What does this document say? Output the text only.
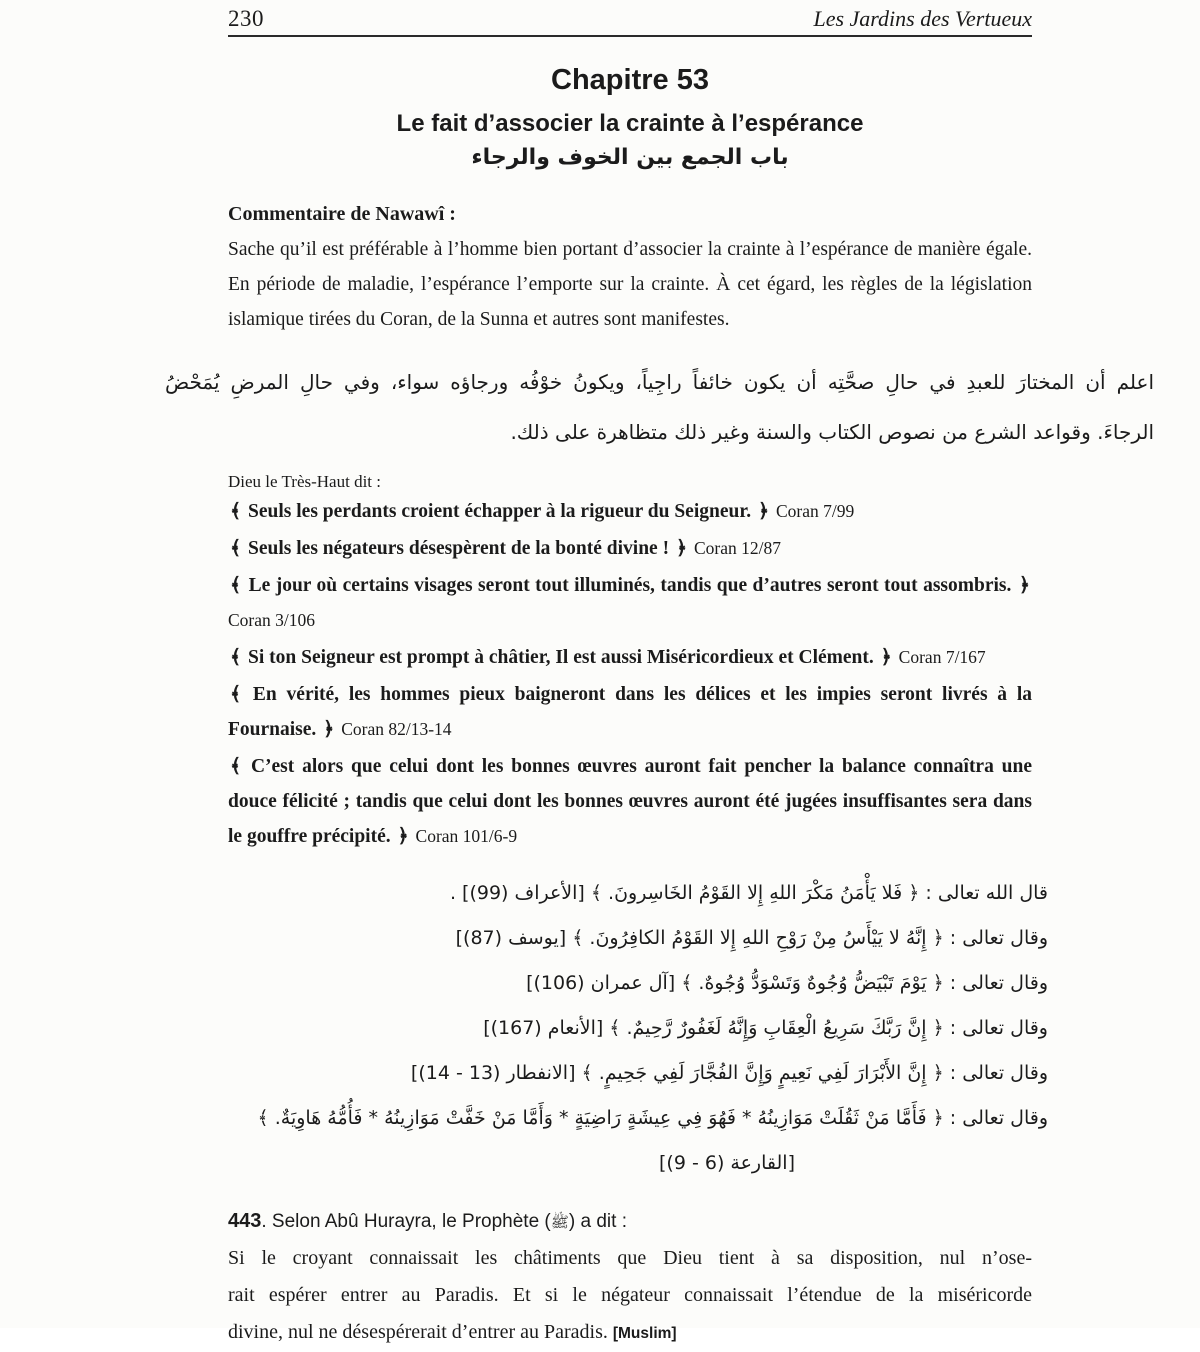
230	Les Jardins des Vertueux
Chapitre 53
Le fait d’associer la crainte à l’espérance
باب الجمع بين الخوف والرجاء
Commentaire de Nawawî :

Sache qu’il est préférable à l’homme bien portant d’associer la crainte à l’espérance de manière égale. En période de maladie, l’espérance l’emporte sur la crainte. À cet égard, les règles de la législation islamique tirées du Coran, de la Sunna et autres sont manifestes.

اعلم أن المختارَ للعبدِ في حالِ صحَّتِه أن يكون خائفاً راجِياً، ويكونُ خوْفُه ورجاؤه سواء، وفي حالِ المرضِ يُمَحْضُ
الرجاءَ. وقواعد الشرع من نصوص الكتاب والسنة وغير ذلك متظاهرة على ذلك.
Dieu le Très-Haut dit :

﴾ Seuls les perdants croient échapper à la rigueur du Seigneur. ﴿ Coran 7/99

﴾ Seuls les négateurs désespèrent de la bonté divine ! ﴿ Coran 12/87

﴾ Le jour où certains visages seront tout illuminés, tandis que d’autres seront tout assombris. ﴿ Coran 3/106

﴾ Si ton Seigneur est prompt à châtier, Il est aussi Miséricordieux et Clément. ﴿ Coran 7/167

﴾ En vérité, les hommes pieux baigneront dans les délices et les impies seront livrés à la Fournaise. ﴿ Coran 82/13-14

﴾ C’est alors que celui dont les bonnes œuvres auront fait pencher la balance connaîtra une douce félicité ; tandis que celui dont les bonnes œuvres auront été jugées insuffisantes sera dans le gouffre précipité. ﴿ Coran 101/6-9

قال الله تعالى : ﴿ فَلا يَأْمَنُ مَكْرَ اللهِ إِلا القَوْمُ الخَاسِرونَ. ﴾ [الأعراف (99)] .
وقال تعالى : ﴿ إِنَّهُ لا يَيْأَسُ مِنْ رَوْحِ اللهِ إِلا القَوْمُ الكافِرُونَ. ﴾ [يوسف (87)]
وقال تعالى : ﴿ يَوْمَ تَبْيَضُّ وُجُوهٌ وَتَسْوَدُّ وُجُوهٌ. ﴾ [آل عمران (106)]
وقال تعالى : ﴿ إِنَّ رَبَّكَ سَرِيعُ الْعِقَابِ وَإِنَّهُ لَغَفُورٌ رَّحِيمٌ. ﴾ [الأنعام (167)]
وقال تعالى : ﴿ إِنَّ الأَبْرَارَ لَفِي نَعِيمٍ وَإِنَّ الفُجَّارَ لَفِي جَحِيمٍ. ﴾ [الانفطار (13 - 14)]
وقال تعالى : ﴿ فَأَمَّا مَنْ ثَقُلَتْ مَوَازِينُهُ * فَهُوَ فِي عِيشَةٍ رَاضِيَةٍ * وَأَمَّا مَنْ خَفَّتْ مَوَازِينُهُ * فَأُمُّهُ هَاوِيَةٌ. ﴾
[القارعة (6 - 9)]
443. Selon Abû Hurayra, le Prophète (ﷺ) a dit :
Si le croyant connaissait les châtiments que Dieu tient à sa disposition, nul n’ose-
rait espérer entrer au Paradis. Et si le négateur connaissait l’étendue de la miséricorde
divine, nul ne désespérerait d’entrer au Paradis. [Muslim]
